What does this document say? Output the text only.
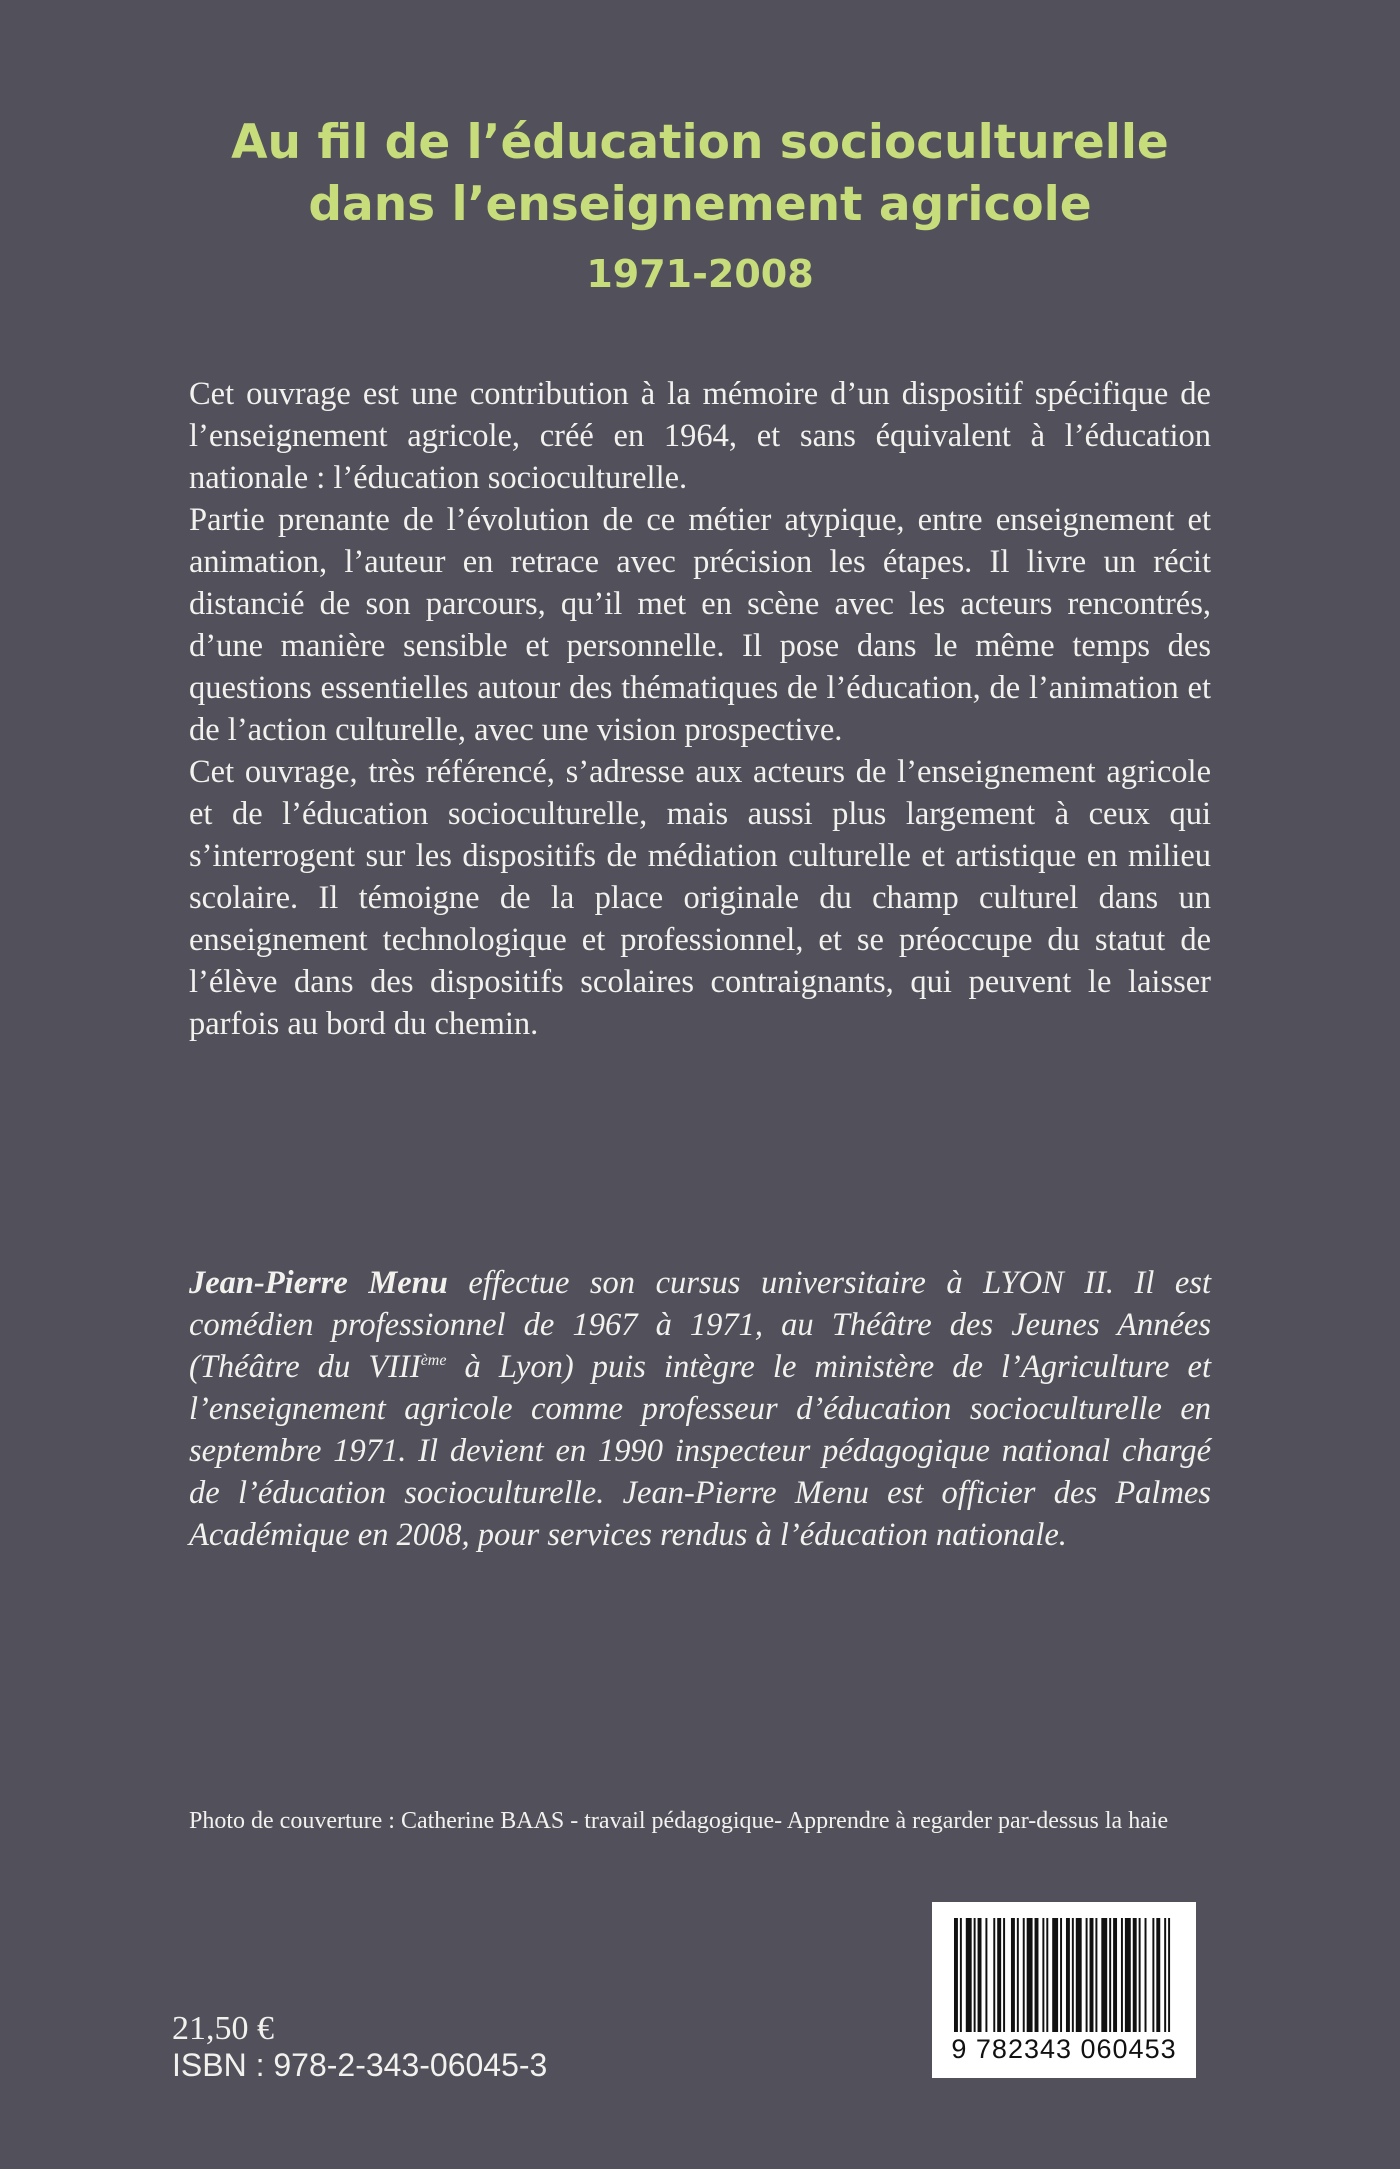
Au fil de l’éducation socioculturelle
dans l’enseignement agricole
1971-2008

Cet ouvrage est une contribution à la mémoire d’un dispositif spécifique de l’enseignement agricole, créé en 1964, et sans équivalent à l’éducation nationale : l’éducation socioculturelle.

Partie prenante de l’évolution de ce métier atypique, entre enseignement et animation, l’auteur en retrace avec précision les étapes. Il livre un récit distancié de son parcours, qu’il met en scène avec les acteurs rencontrés, d’une manière sensible et personnelle. Il pose dans le même temps des questions essentielles autour des thématiques de l’éducation, de l’animation et de l’action culturelle, avec une vision prospective.

Cet ouvrage, très référencé, s’adresse aux acteurs de l’enseignement agricole et de l’éducation socioculturelle, mais aussi plus largement à ceux qui s’interrogent sur les dispositifs de médiation culturelle et artistique en milieu scolaire. Il témoigne de la place originale du champ culturel dans un enseignement technologique et professionnel, et se préoccupe du statut de l’élève dans des dispositifs scolaires contraignants, qui peuvent le laisser parfois au bord du chemin.

Jean-Pierre Menu effectue son cursus universitaire à LYON II. Il est comédien professionnel de 1967 à 1971, au Théâtre des Jeunes Années (Théâtre du VIIIème à Lyon) puis intègre le ministère de l’Agriculture et l’enseignement agricole comme professeur d’éducation socioculturelle en septembre 1971. Il devient en 1990 inspecteur pédagogique national chargé de l’éducation socioculturelle. Jean-Pierre Menu est officier des Palmes Académique en 2008, pour services rendus à l’éducation nationale.
Photo de couverture : Catherine BAAS - travail pédagogique- Apprendre à regarder par-dessus la haie
21,50 €
ISBN : 978-2-343-06045-3	9 782343 060453
